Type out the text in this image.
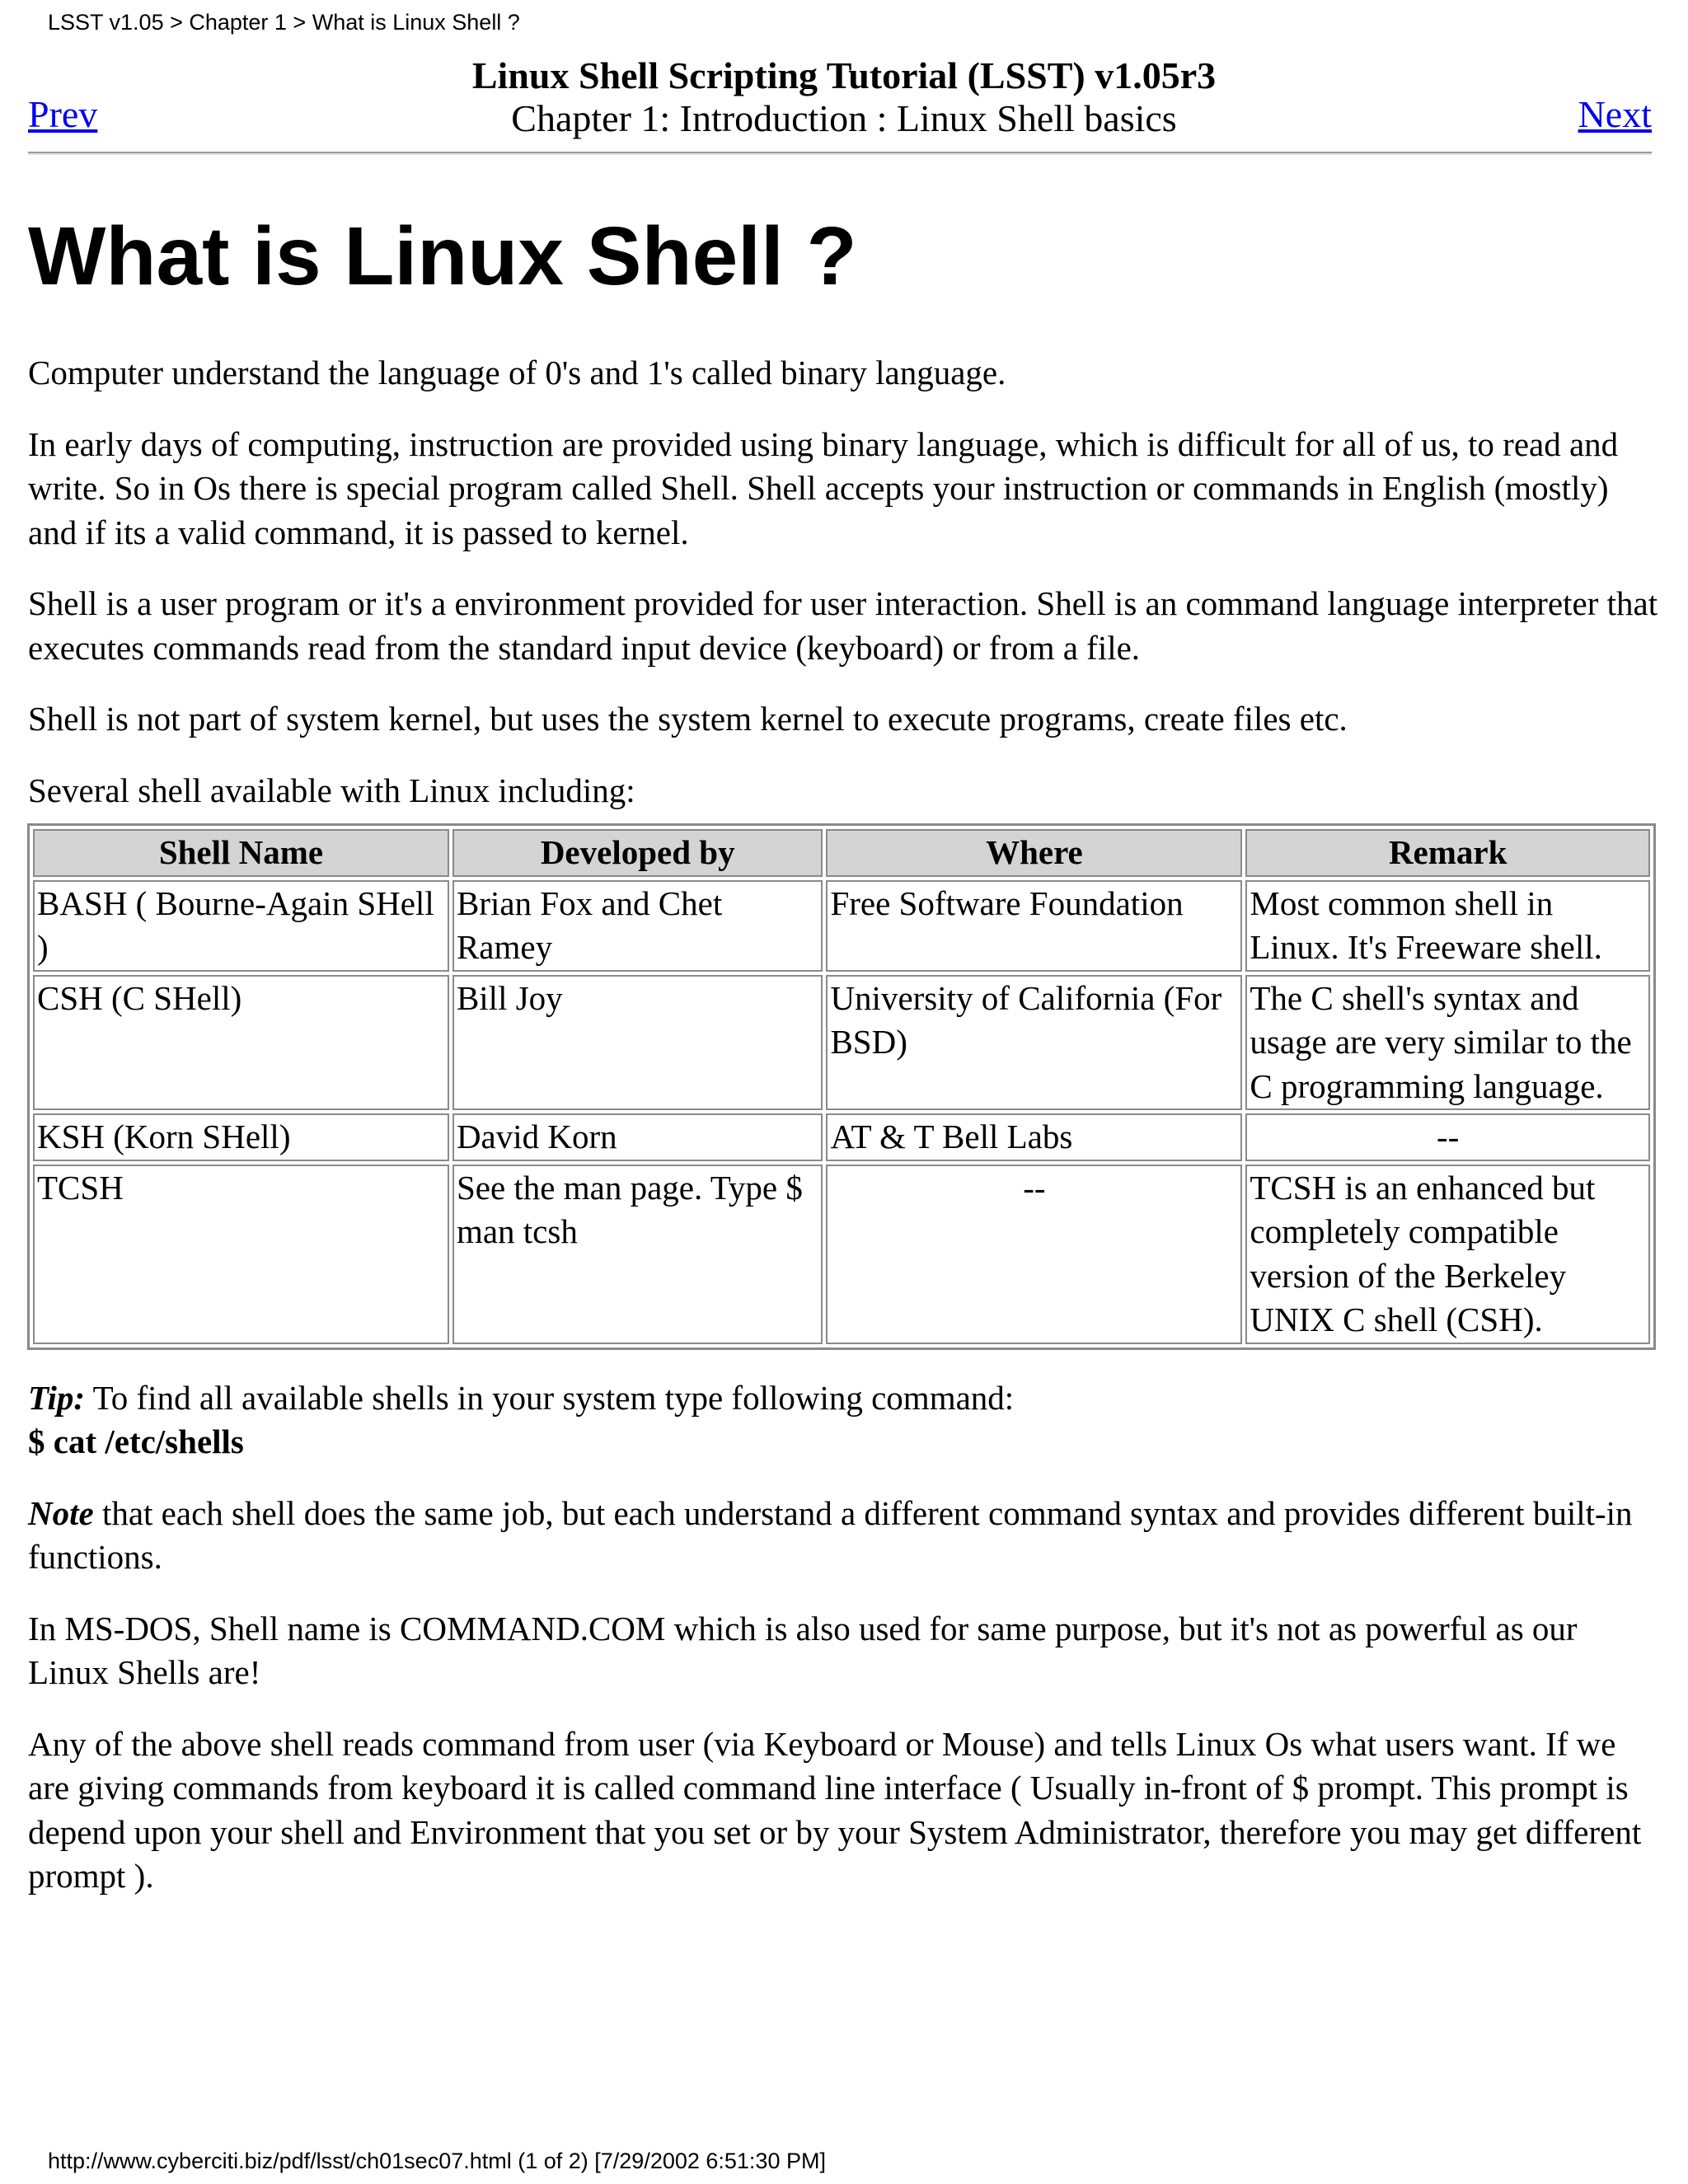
LSST v1.05 > Chapter 1 > What is Linux Shell ?
Prev
Linux Shell Scripting Tutorial (LSST) v1.05r3
Chapter 1: Introduction : Linux Shell basics	Next
What is Linux Shell ?

Computer understand the language of 0's and 1's called binary language.

In early days of computing, instruction are provided using binary language, which is difficult for all of us, to read and write. So in Os there is special program called Shell. Shell accepts your instruction or commands in English (mostly) and if its a valid command, it is passed to kernel.

Shell is a user program or it's a environment provided for user interaction. Shell is an command language interpreter that executes commands read from the standard input device (keyboard) or from a file.

Shell is not part of system kernel, but uses the system kernel to execute programs, create files etc.

Several shell available with Linux including:

Shell Name	Developed by	Where	Remark
BASH ( Bourne-Again SHell )	Brian Fox and Chet Ramey	Free Software Foundation	Most common shell in Linux. It's Freeware shell.
CSH (C SHell)	Bill Joy	University of California (For BSD)	The C shell's syntax and usage are very similar to the C programming language.
KSH (Korn SHell)	David Korn	AT & T Bell Labs	--
TCSH	See the man page. Type $ man tcsh	--	TCSH is an enhanced but completely compatible version of the Berkeley UNIX C shell (CSH).

Tip: To find all available shells in your system type following command:
$ cat /etc/shells

Note that each shell does the same job, but each understand a different command syntax and provides different built-in functions.

In MS-DOS, Shell name is COMMAND.COM which is also used for same purpose, but it's not as powerful as our Linux Shells are!

Any of the above shell reads command from user (via Keyboard or Mouse) and tells Linux Os what users want. If we are giving commands from keyboard it is called command line interface ( Usually in-front of $ prompt. This prompt is depend upon your shell and Environment that you set or by your System Administrator, therefore you may get different prompt ).

http://www.cyberciti.biz/pdf/lsst/ch01sec07.html (1 of 2) [7/29/2002 6:51:30 PM]
